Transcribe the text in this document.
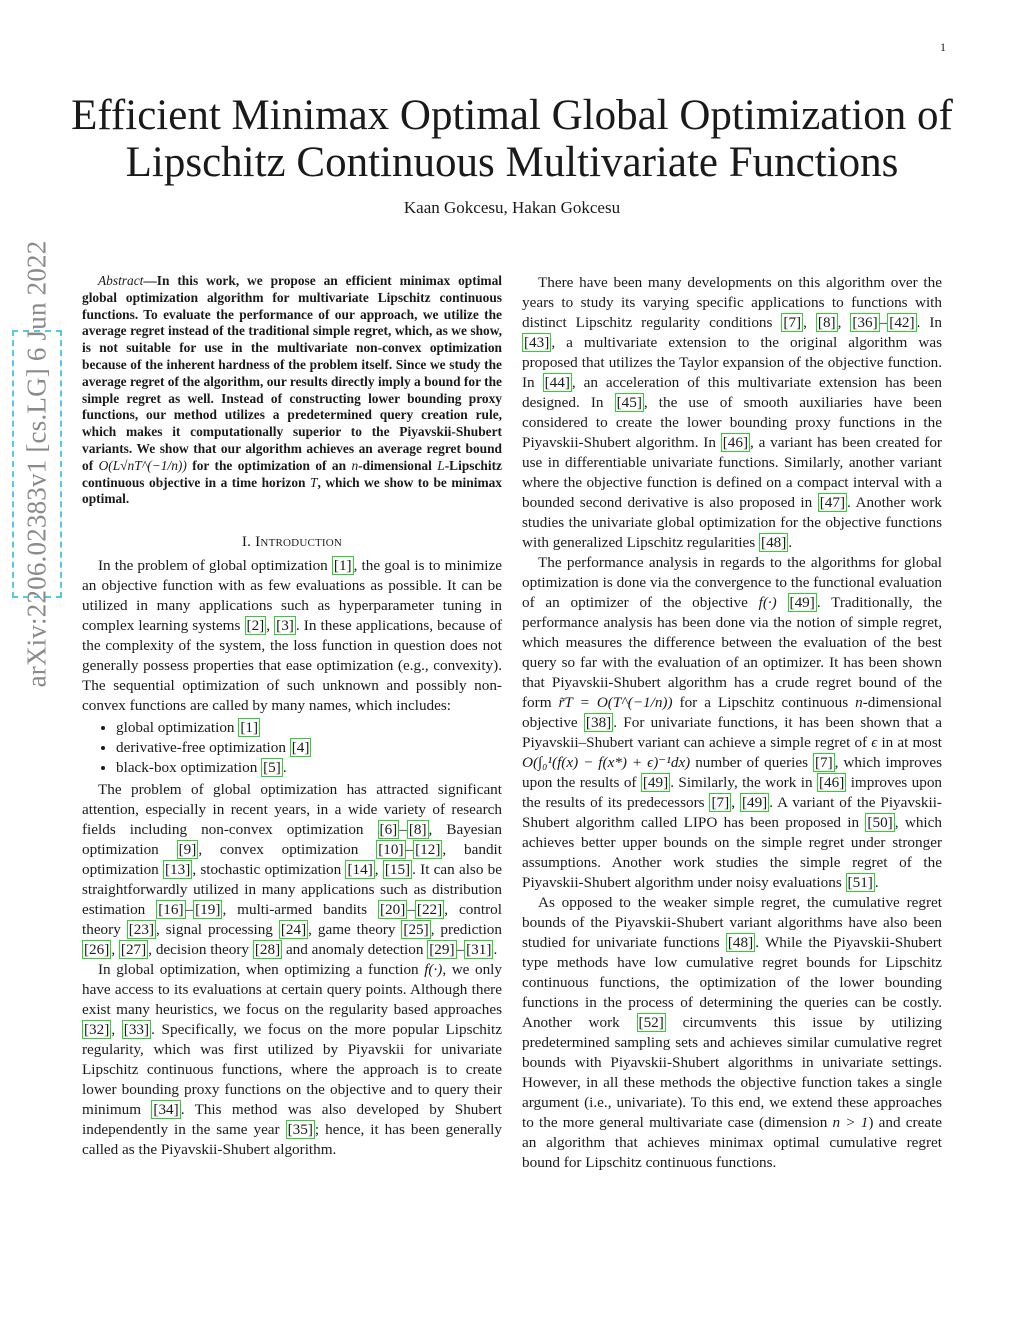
1
arXiv:2206.02383v1 [cs.LG] 6 Jun 2022
Efficient Minimax Optimal Global Optimization of
Lipschitz Continuous Multivariate Functions
Kaan Gokcesu, Hakan Gokcesu

Abstract—In this work, we propose an efficient minimax optimal global optimization algorithm for multivariate Lipschitz continuous functions. To evaluate the performance of our approach, we utilize the average regret instead of the traditional simple regret, which, as we show, is not suitable for use in the multivariate non-convex optimization because of the inherent hardness of the problem itself. Since we study the average regret of the algorithm, our results directly imply a bound for the simple regret as well. Instead of constructing lower bounding proxy functions, our method utilizes a predetermined query creation rule, which makes it computationally superior to the Piyavskii-Shubert variants. We show that our algorithm achieves an average regret bound of O(L√nT^(−1/n)) for the optimization of an n-dimensional L-Lipschitz continuous objective in a time horizon T, which we show to be minimax optimal.

I. Introduction

In the problem of global optimization [1] , the goal is to minimize an objective function with as few evaluations as possible. It can be utilized in many applications such as hyperparameter tuning in complex learning systems [2] , [3] . In these applications, because of the complexity of the system, the loss function in question does not generally possess properties that ease optimization (e.g., convexity). The sequential optimization of such unknown and possibly non-convex functions are called by many names, which includes:

• global optimization [1]
• derivative-free optimization [4]
• black-box optimization [5] .

The problem of global optimization has attracted significant attention, especially in recent years, in a wide variety of research fields including non-convex optimization [6] – [8] , Bayesian optimization [9] , convex optimization [10] – [12] , bandit optimization [13] , stochastic optimization [14] , [15] . It can also be straightforwardly utilized in many applications such as distribution estimation [16] – [19] , multi-armed bandits [20] – [22] , control theory [23] , signal processing [24] , game theory [25] , prediction [26] , [27] , decision theory [28] and anomaly detection [29] – [31] .

In global optimization, when optimizing a function f(·), we only have access to its evaluations at certain query points. Although there exist many heuristics, we focus on the regularity based approaches [32] , [33] . Specifically, we focus on the more popular Lipschitz regularity, which was first utilized by Piyavskii for univariate Lipschitz continuous functions, where the approach is to create lower bounding proxy functions on the objective and to query their minimum [34] . This method was also developed by Shubert independently in the same year [35] ; hence, it has been generally called as the Piyavskii-Shubert algorithm.

There have been many developments on this algorithm over the years to study its varying specific applications to functions with distinct Lipschitz regularity conditions [7] , [8] , [36] – [42] . In [43] , a multivariate extension to the original algorithm was proposed that utilizes the Taylor expansion of the objective function. In [44] , an acceleration of this multivariate extension has been designed. In [45] , the use of smooth auxiliaries have been considered to create the lower bounding proxy functions in the Piyavskii-Shubert algorithm. In [46] , a variant has been created for use in differentiable univariate functions. Similarly, another variant where the objective function is defined on a compact interval with a bounded second derivative is also proposed in [47] . Another work studies the univariate global optimization for the objective functions with generalized Lipschitz regularities [48] .

The performance analysis in regards to the algorithms for global optimization is done via the convergence to the functional evaluation of an optimizer of the objective f(·) [49] . Traditionally, the performance analysis has been done via the notion of simple regret, which measures the difference between the evaluation of the best query so far with the evaluation of an optimizer. It has been shown that Piyavskii-Shubert algorithm has a crude regret bound of the form r̃T = O(T^(−1/n)) for a Lipschitz continuous n-dimensional objective [38] . For univariate functions, it has been shown that a Piyavskii–Shubert variant can achieve a simple regret of ϵ in at most O(∫₀¹(f(x) − f(x*) + ϵ)⁻¹dx) number of queries [7] , which improves upon the results of [49] . Similarly, the work in [46] improves upon the results of its predecessors [7] , [49] . A variant of the Piyavskii-Shubert algorithm called LIPO has been proposed in [50] , which achieves better upper bounds on the simple regret under stronger assumptions. Another work studies the simple regret of the Piyavskii-Shubert algorithm under noisy evaluations [51] .

As opposed to the weaker simple regret, the cumulative regret bounds of the Piyavskii-Shubert variant algorithms have also been studied for univariate functions [48] . While the Piyavskii-Shubert type methods have low cumulative regret bounds for Lipschitz continuous functions, the optimization of the lower bounding functions in the process of determining the queries can be costly. Another work [52] circumvents this issue by utilizing predetermined sampling sets and achieves similar cumulative regret bounds with Piyavskii-Shubert algorithms in univariate settings. However, in all these methods the objective function takes a single argument (i.e., univariate). To this end, we extend these approaches to the more general multivariate case (dimension n > 1) and create an algorithm that achieves minimax optimal cumulative regret bound for Lipschitz continuous functions.
